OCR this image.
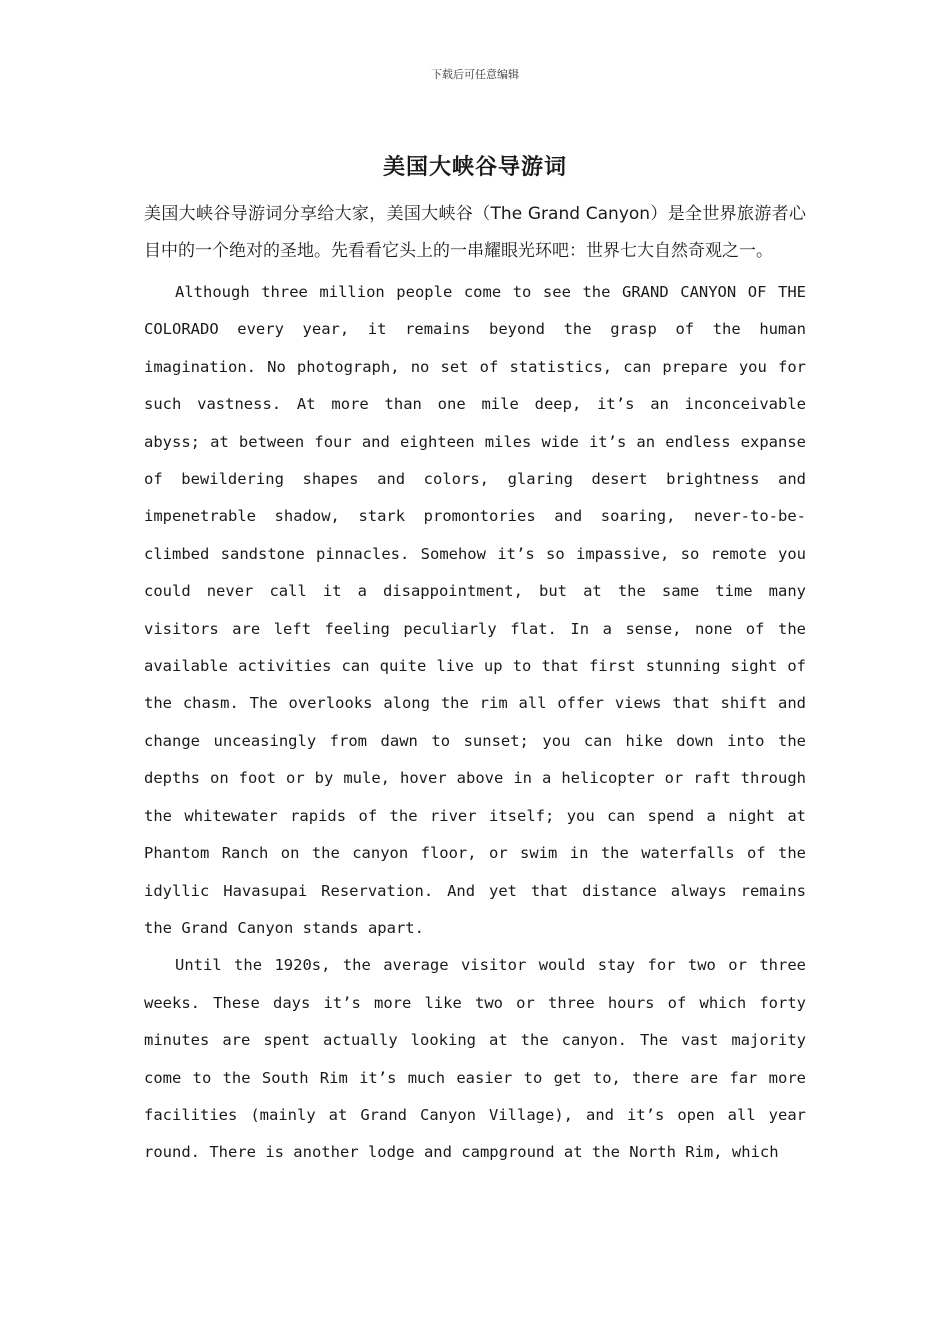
下载后可任意编辑
美国大峡谷导游词

美国大峡谷导游词分享给大家，美国大峡谷（The Grand Canyon）是全世界旅游者心目中的一个绝对的圣地。先看看它头上的一串耀眼光环吧：世界七大自然奇观之一。

Although three million people come to see the GRAND CANYON OF THE COLORADO every year, it remains beyond the grasp of the human imagination. No photograph, no set of statistics, can prepare you for such vastness. At more than one mile deep, it’s an inconceivable abyss; at between four and eighteen miles wide it’s an endless expanse of bewildering shapes and colors, glaring desert brightness and impenetrable shadow, stark promontories and soaring, never-to-be-climbed sandstone pinnacles. Somehow it’s so impassive, so remote you could never call it a disappointment, but at the same time many visitors are left feeling peculiarly flat. In a sense, none of the available activities can quite live up to that first stunning sight of the chasm. The overlooks along the rim all offer views that shift and change unceasingly from dawn to sunset; you can hike down into the depths on foot or by mule, hover above in a helicopter or raft through the whitewater rapids of the river itself; you can spend a night at Phantom Ranch on the canyon floor, or swim in the waterfalls of the idyllic Havasupai Reservation. And yet that distance always remains the Grand Canyon stands apart.

Until the 1920s, the average visitor would stay for two or three weeks. These days it’s more like two or three hours of which forty minutes are spent actually looking at the canyon. The vast majority come to the South Rim it’s much easier to get to, there are far more facilities (mainly at Grand Canyon Village), and it’s open all year round. There is another lodge and campground at the North Rim, which
